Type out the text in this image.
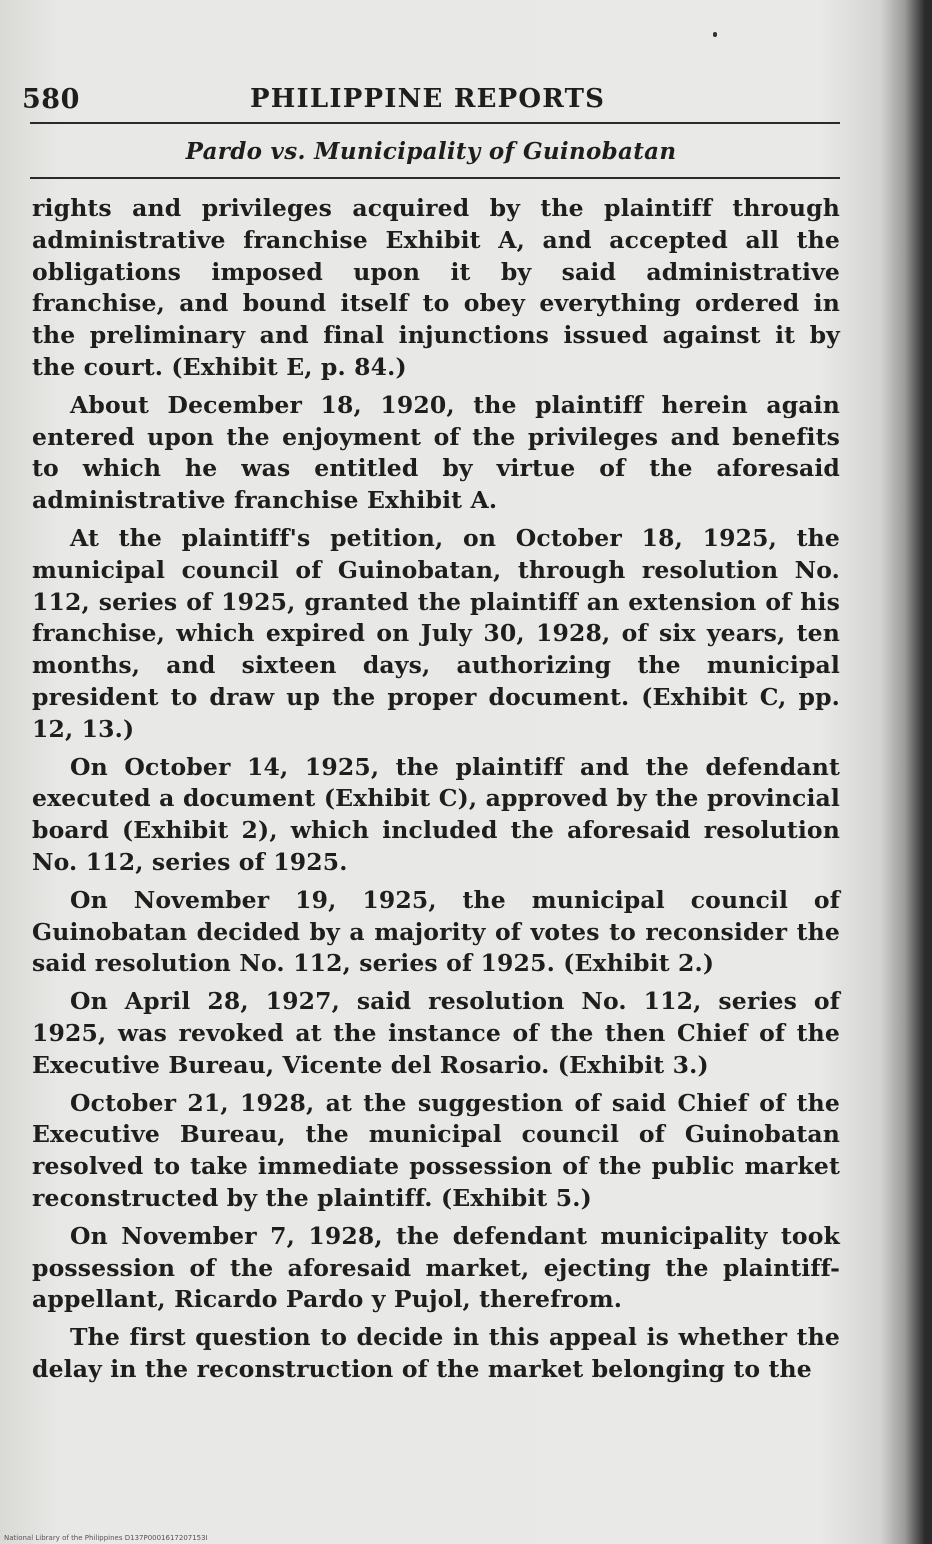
580	PHILIPPINE REPORTS
Pardo vs. Municipality of Guinobatan

rights and privileges acquired by the plaintiff through administrative franchise Exhibit A, and accepted all the obligations imposed upon it by said administrative franchise, and bound itself to obey everything ordered in the preliminary and final injunctions issued against it by the court. (Exhibit E, p. 84.)

About December 18, 1920, the plaintiff herein again entered upon the enjoyment of the privileges and benefits to which he was entitled by virtue of the aforesaid administrative franchise Exhibit A.

At the plaintiff's petition, on October 18, 1925, the municipal council of Guinobatan, through resolution No. 112, series of 1925, granted the plaintiff an extension of his franchise, which expired on July 30, 1928, of six years, ten months, and sixteen days, authorizing the municipal president to draw up the proper document. (Exhibit C, pp. 12, 13.)

On October 14, 1925, the plaintiff and the defendant executed a document (Exhibit C), approved by the provincial board (Exhibit 2), which included the aforesaid resolution No. 112, series of 1925.

On November 19, 1925, the municipal council of Guinobatan decided by a majority of votes to reconsider the said resolution No. 112, series of 1925. (Exhibit 2.)

On April 28, 1927, said resolution No. 112, series of 1925, was revoked at the instance of the then Chief of the Executive Bureau, Vicente del Rosario. (Exhibit 3.)

October 21, 1928, at the suggestion of said Chief of the Executive Bureau, the municipal council of Guinobatan resolved to take immediate possession of the public market reconstructed by the plaintiff. (Exhibit 5.)

On November 7, 1928, the defendant municipality took possession of the aforesaid market, ejecting the plaintiff-appellant, Ricardo Pardo y Pujol, therefrom.

The first question to decide in this appeal is whether the delay in the reconstruction of the market belonging to the

National Library of the Philippines D137P0001617207153I
